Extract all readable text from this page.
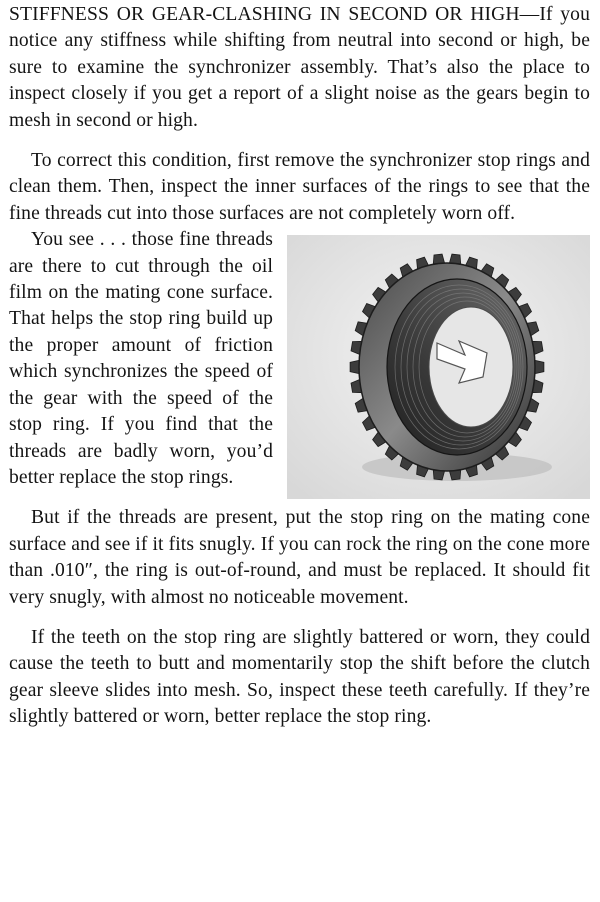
STIFFNESS OR GEAR-CLASHING IN SECOND OR HIGH—If you notice any stiffness while shifting from neutral into second or high, be sure to examine the synchronizer assembly. That’s also the place to inspect closely if you get a report of a slight noise as the gears begin to mesh in second or high.

To correct this condition, first remove the synchronizer stop rings and clean them. Then, inspect the inner surfaces of the rings to see that the fine threads cut into those surfaces are not completely worn off.

You see . . . those fine threads are there to cut through the oil film on the mating cone surface. That helps the stop ring build up the proper amount of friction which synchronizes the speed of the gear with the speed of the stop ring. If you find that the threads are badly worn, you’d better replace the stop rings.

But if the threads are present, put the stop ring on the mating cone surface and see if it fits snugly. If you can rock the ring on the cone more than .010″, the ring is out-of-round, and must be replaced. It should fit very snugly, with almost no noticeable movement.

If the teeth on the stop ring are slightly battered or worn, they could cause the teeth to butt and momentarily stop the shift before the clutch gear sleeve slides into mesh. So, inspect these teeth carefully. If they’re slightly battered or worn, better replace the stop ring.
